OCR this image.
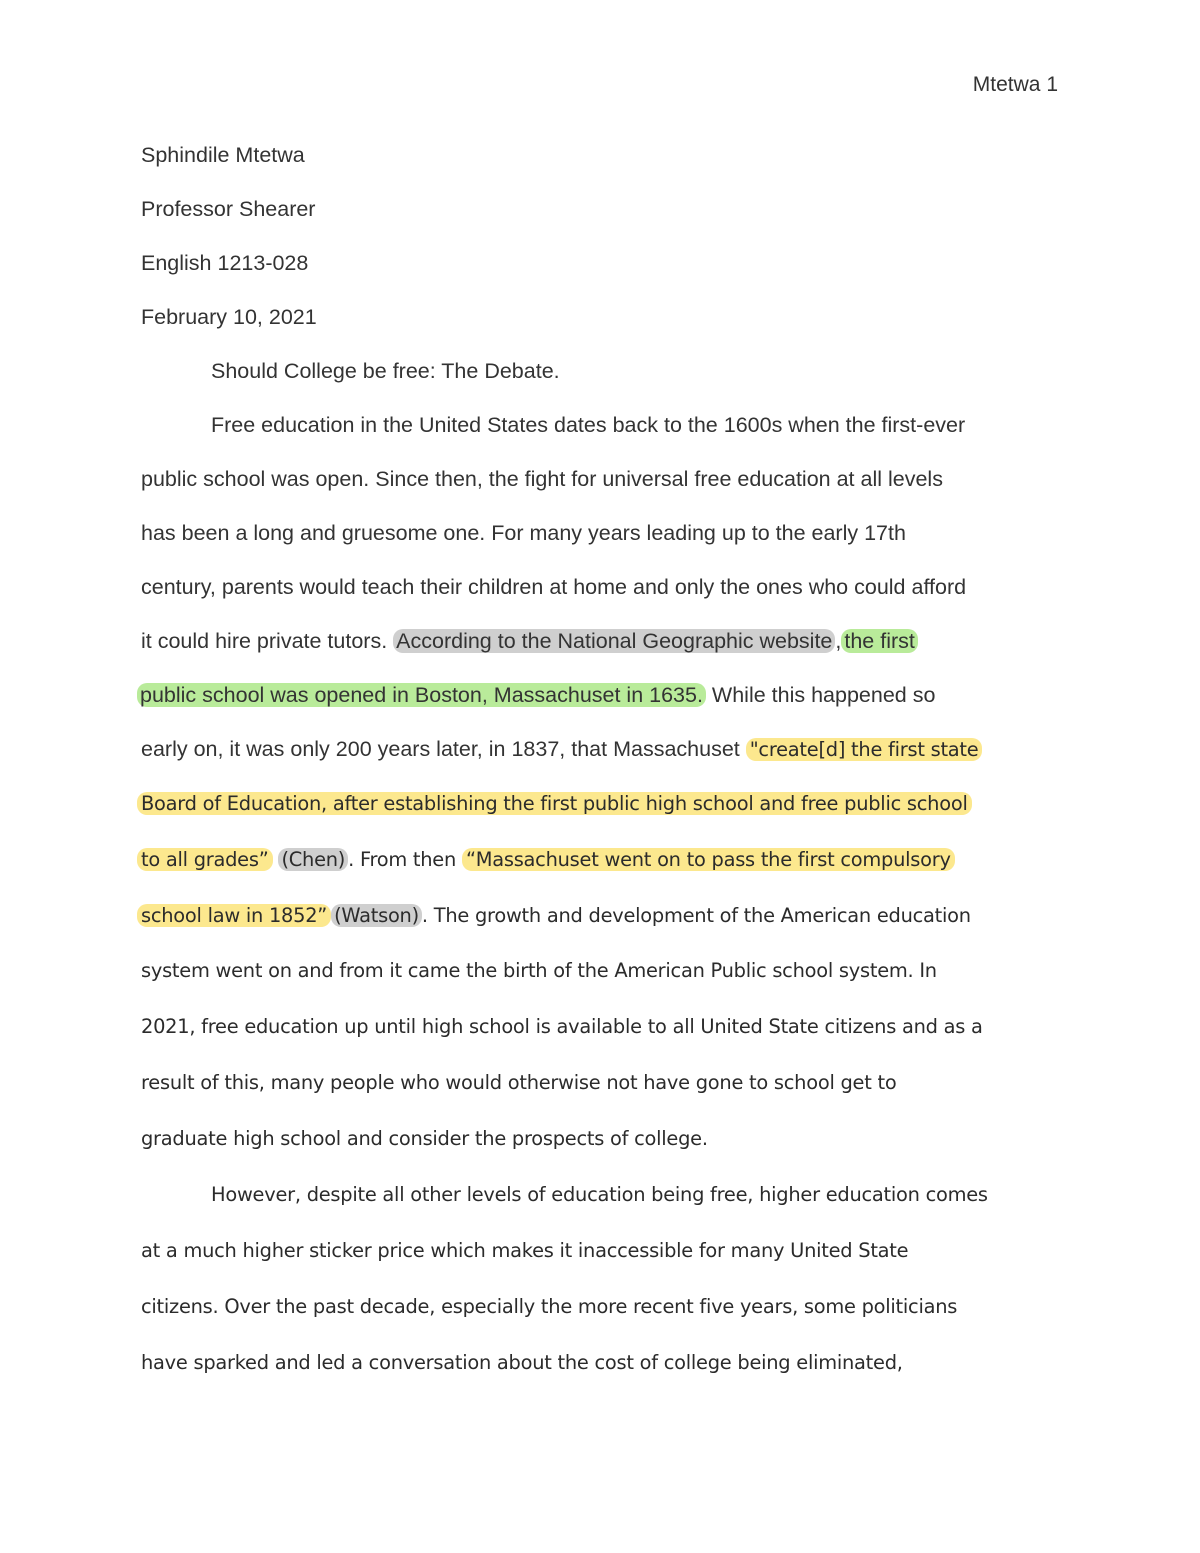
Mtetwa 1
Sphindile Mtetwa
Professor Shearer
English 1213-028
February 10, 2021
Should College be free: The Debate.
Free education in the United States dates back to the 1600s when the first-ever
public school was open. Since then, the fight for universal free education at all levels
has been a long and gruesome one. For many years leading up to the early 17th
century, parents would teach their children at home and only the ones who could afford
it could hire private tutors. According to the National Geographic website , the first
public school was opened in Boston, Massachuset in 1635. While this happened so
early on, it was only 200 years later, in 1837, that Massachuset "create[d] the first state
Board of Education, after establishing the first public high school and free public school
to all grades” (Chen) . From then “Massachuset went on to pass the first compulsory
school law in 1852” (Watson) . The growth and development of the American education
system went on and from it came the birth of the American Public school system. In
2021, free education up until high school is available to all United State citizens and as a
result of this, many people who would otherwise not have gone to school get to
graduate high school and consider the prospects of college.
However, despite all other levels of education being free, higher education comes
at a much higher sticker price which makes it inaccessible for many United State
citizens. Over the past decade, especially the more recent five years, some politicians
have sparked and led a conversation about the cost of college being eliminated,
